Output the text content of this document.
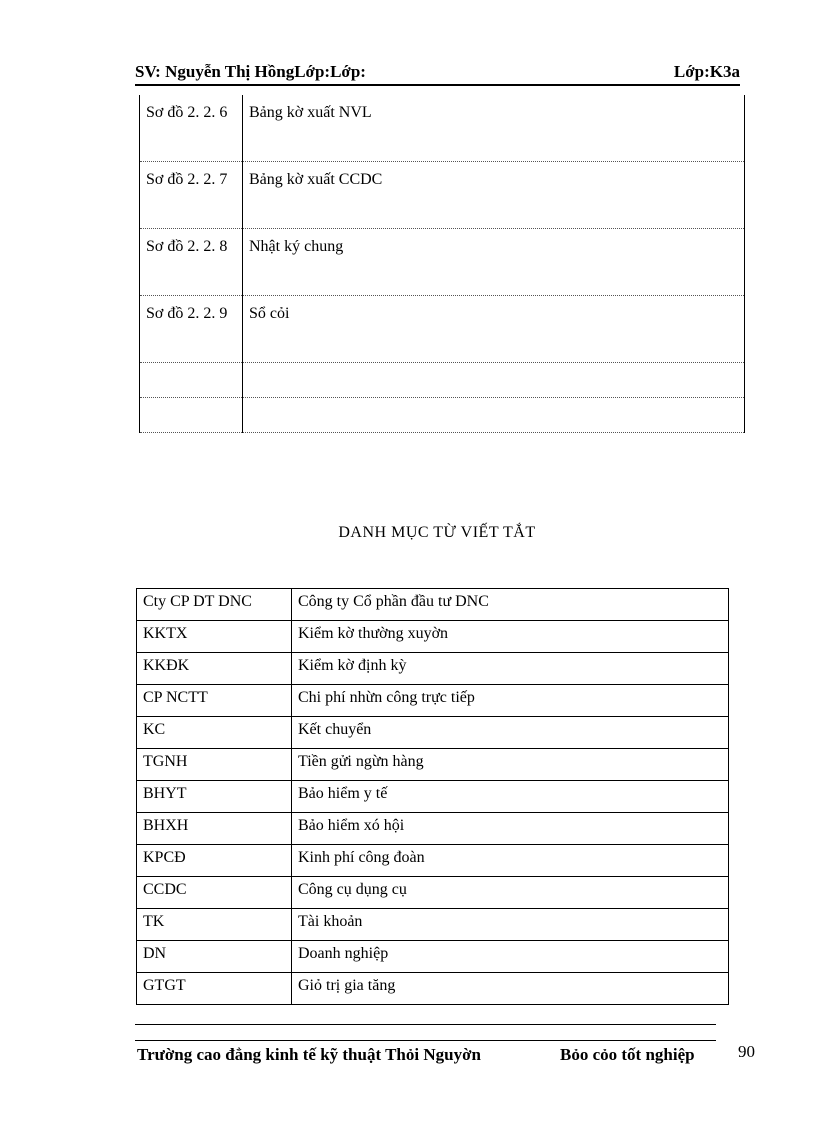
SV: Nguyễn Thị HồngLớp:Lớp:	Lớp:K3a
Sơ đồ 2. 2. 6	Bảng kờ xuất NVL
Sơ đồ 2. 2. 7	Bảng kờ xuất CCDC
Sơ đồ 2. 2. 8	Nhật ký chung
Sơ đồ 2. 2. 9	Sổ cỏi

DANH MỤC TỪ VIẾT TẮT
Cty CP DT DNC	Công ty Cổ phần đầu tư DNC
KKTX	Kiểm kờ thường xuyờn
KKĐK	Kiểm kờ định kỳ
CP NCTT	Chi phí nhừn công trực tiếp
KC	Kết chuyển
TGNH	Tiền gửi ngừn hàng
BHYT	Bảo hiểm y tế
BHXH	Bảo hiểm xó hội
KPCĐ	Kinh phí công đoàn
CCDC	Công cụ dụng cụ
TK	Tài khoản
DN	Doanh nghiệp
GTGT	Giỏ trị gia tăng
Trường cao đẳng kinh tế kỹ thuật Thỏi Nguyờn	Bỏo cỏo tốt nghiệp	90
